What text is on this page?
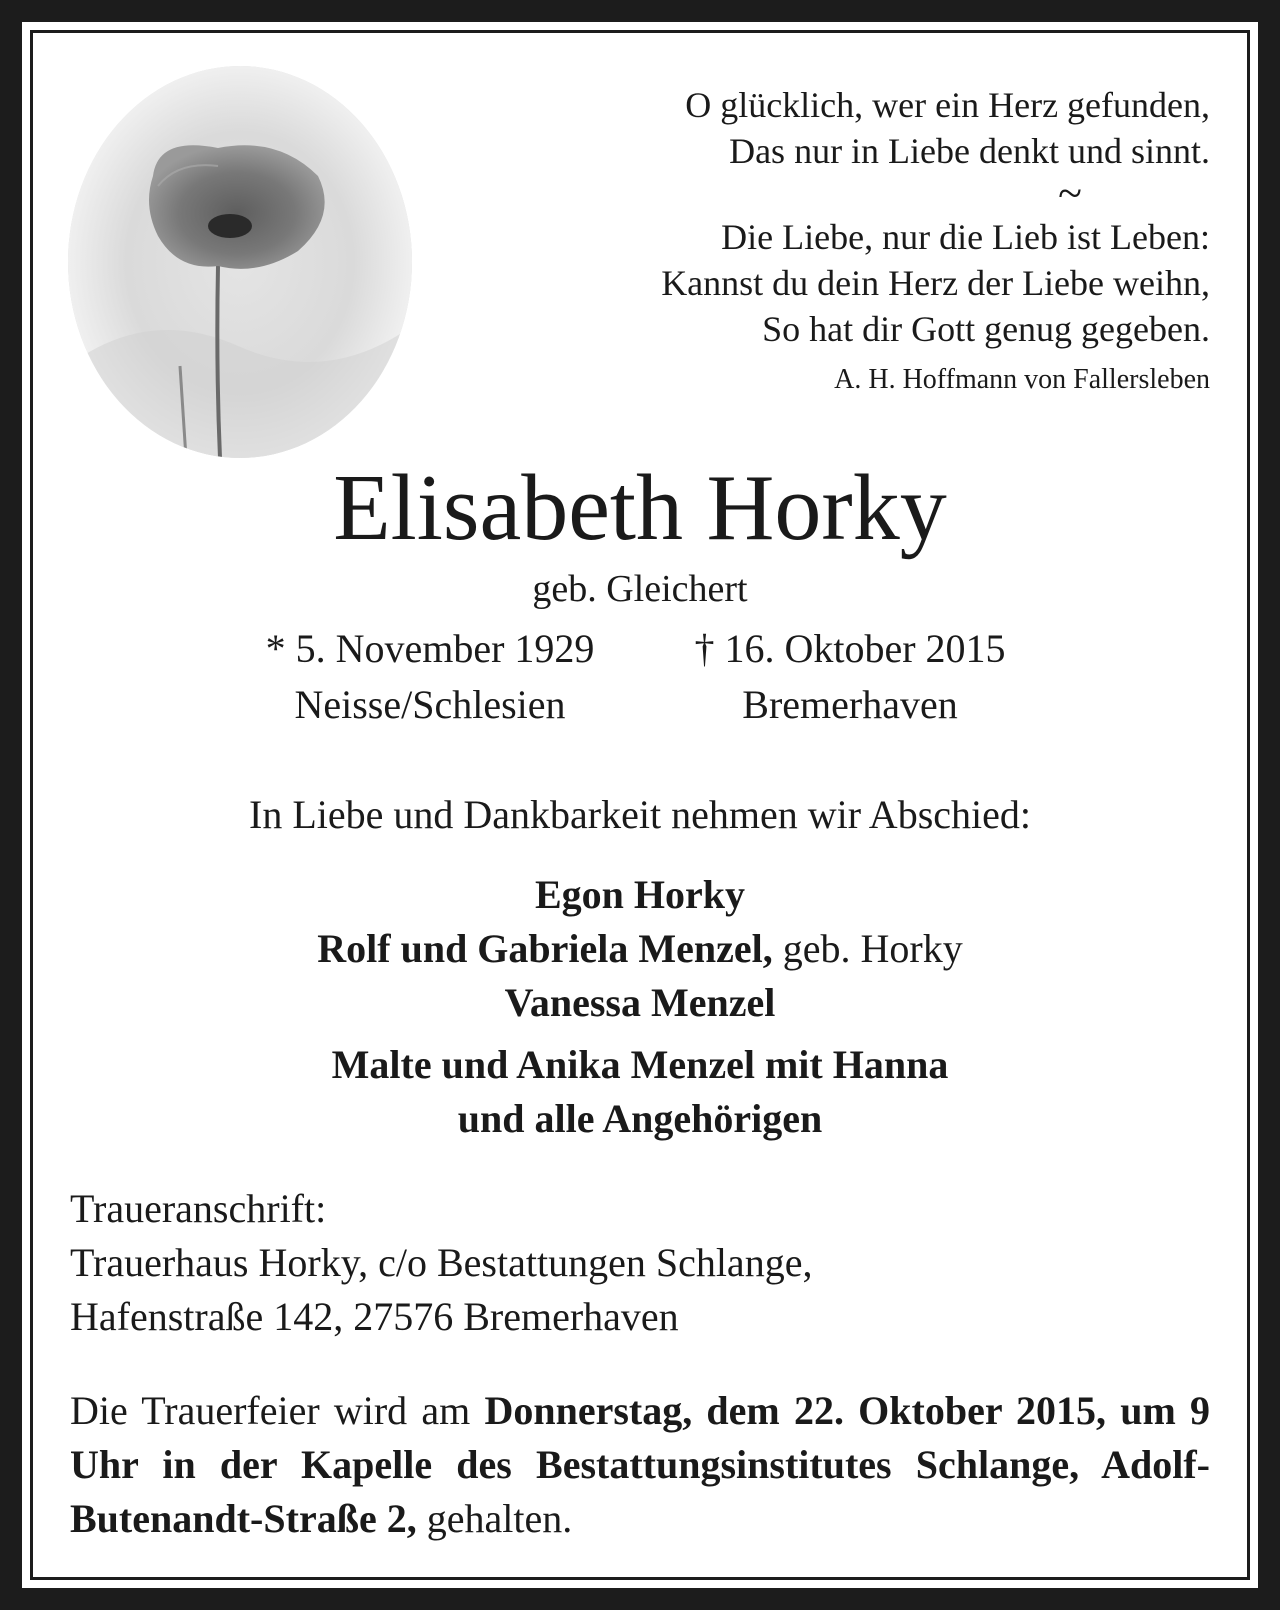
O glücklich, wer ein Herz gefunden,
Das nur in Liebe denkt und sinnt.
~
Die Liebe, nur die Lieb ist Leben:
Kannst du dein Herz der Liebe weihn,
So hat dir Gott genug gegeben.
A. H. Hoffmann von Fallersleben
Elisabeth Horky
geb. Gleichert
* 5. November 1929	† 16. Oktober 2015
Neisse/Schlesien	Bremerhaven
In Liebe und Dankbarkeit nehmen wir Abschied:
Egon Horky
Rolf und Gabriela Menzel, geb. Horky
Vanessa Menzel
Malte und Anika Menzel mit Hanna
und alle Angehörigen
Traueranschrift:
Trauerhaus Horky, c/o Bestattungen Schlange,
Hafenstraße 142, 27576 Bremerhaven
Die Trauerfeier wird am Donnerstag, dem 22. Oktober 2015, um 9 Uhr in der Kapelle des Bestattungsinstitutes Schlange, Adolf-Butenandt-Straße 2, gehalten.
